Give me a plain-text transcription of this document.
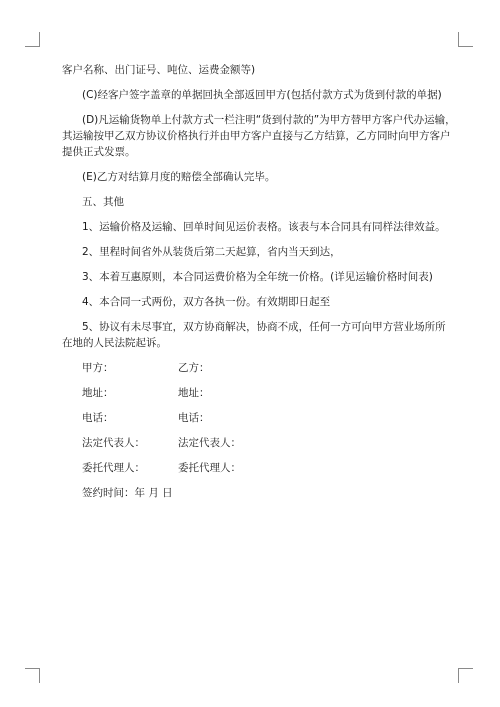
客户名称、出门证号、吨位、运费金额等)

(C)经客户签字盖章的单据回执全部返回甲方(包括付款方式为货到付款的单据)

(D)凡运输货物单上付款方式一栏注明“货到付款的”为甲方替甲方客户代办运输，

其运输按甲乙双方协议价格执行并由甲方客户直接与乙方结算，乙方同时向甲方客户

提供正式发票。

(E)乙方对结算月度的赔偿全部确认完毕。

五、其他

1、运输价格及运输、回单时间见运价表格。该表与本合同具有同样法律效益。

2、里程时间省外从装货后第二天起算，省内当天到达，

3、本着互惠原则，本合同运费价格为全年统一价格。(详见运输价格时间表)

4、本合同一式两份，双方各执一份。有效期即日起至

5、协议有未尽事宜，双方协商解决，协商不成，任何一方可向甲方营业场所所

在地的人民法院起诉。

甲方：	乙方：
地址：	地址：
电话：	电话：
法定代表人：	法定代表人：
委托代理人：	委托代理人：
签约时间：年 月 日
